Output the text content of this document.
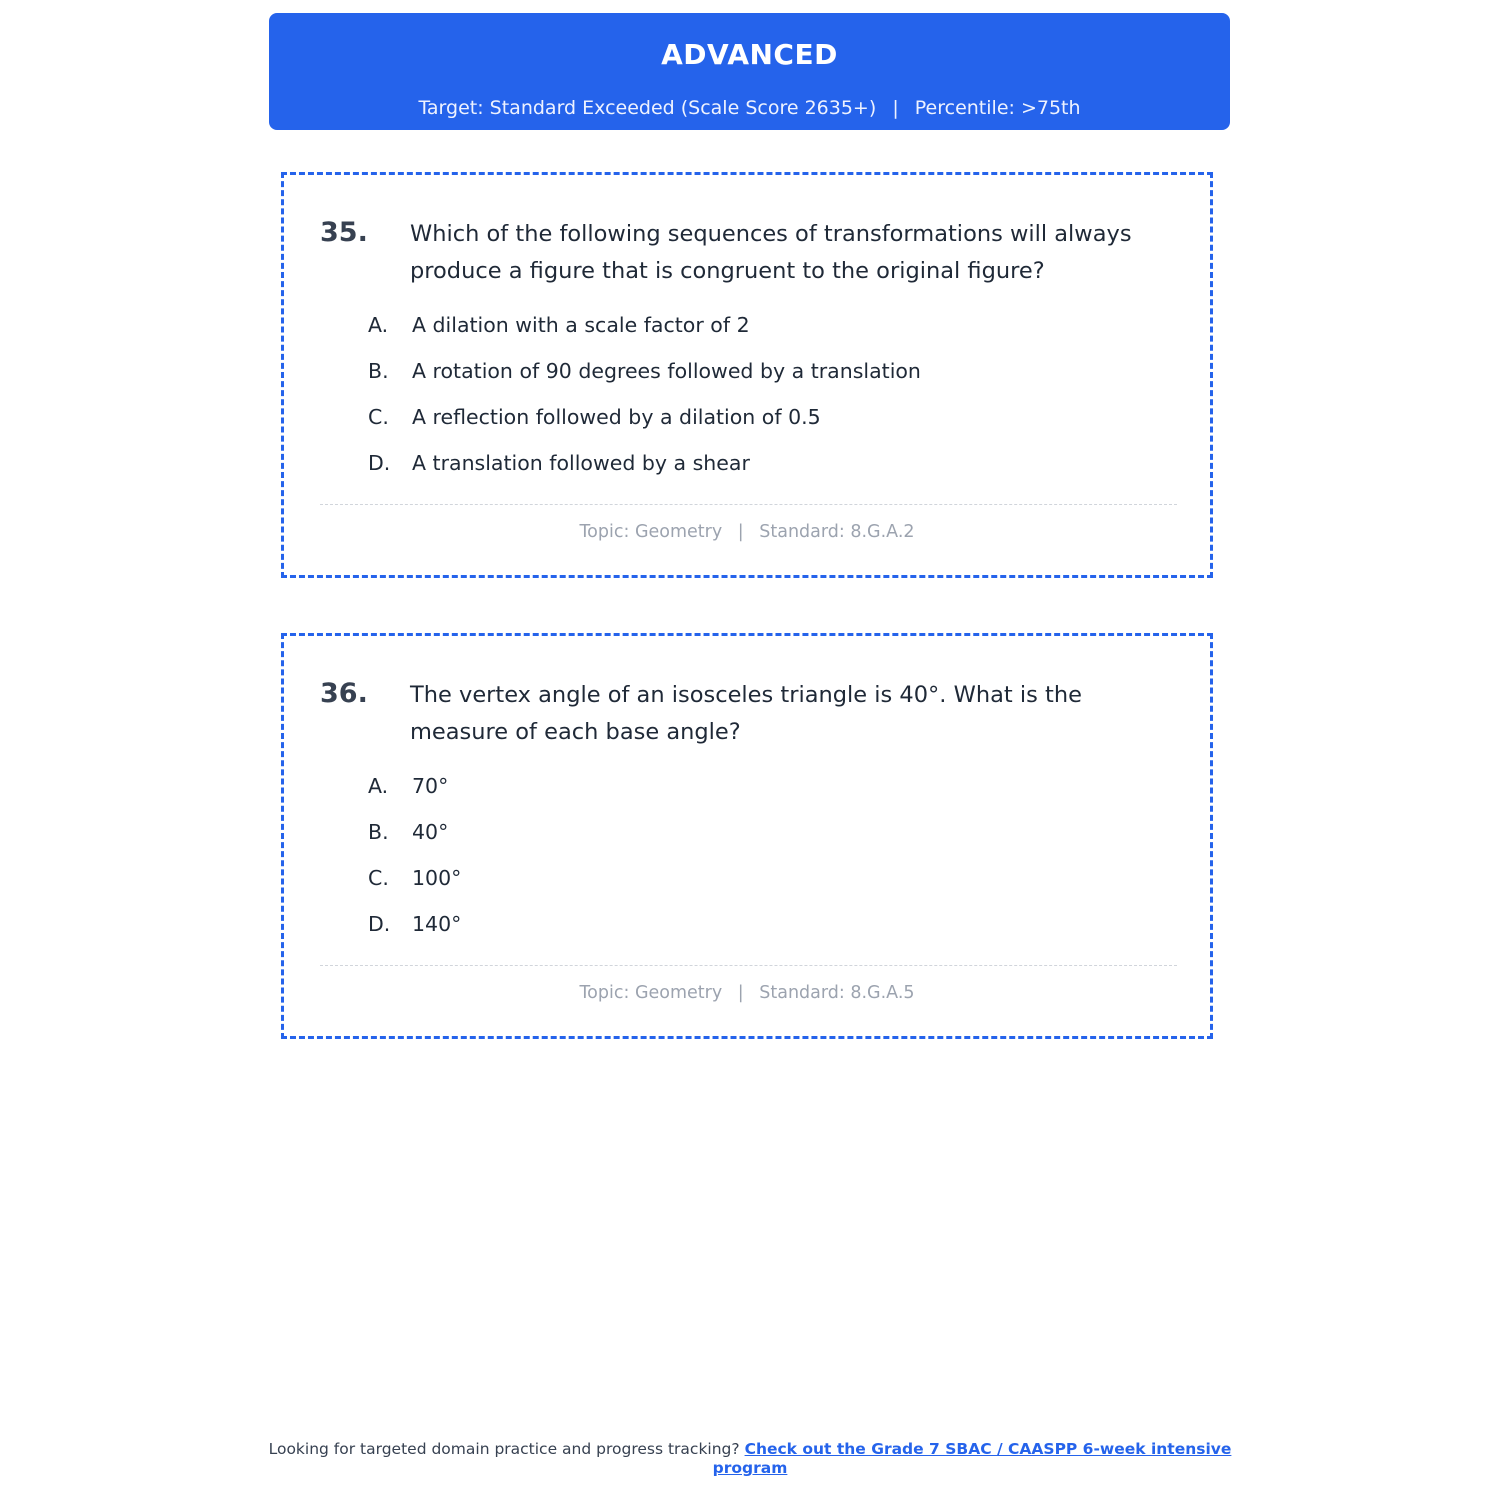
ADVANCED
Target: Standard Exceeded (Scale Score 2635+) | Percentile: >75th
35. Which of the following sequences of transformations will always produce a figure that is congruent to the original figure?
A. A dilation with a scale factor of 2
B. A rotation of 90 degrees followed by a translation
C. A reflection followed by a dilation of 0.5
D. A translation followed by a shear
Topic: Geometry | Standard: 8.G.A.2
36. The vertex angle of an isosceles triangle is 40°. What is the measure of each base angle?
A. 70°
B. 40°
C. 100°
D. 140°
Topic: Geometry | Standard: 8.G.A.5
Looking for targeted domain practice and progress tracking? Check out the Grade 7 SBAC / CAASPP 6-week intensive program
